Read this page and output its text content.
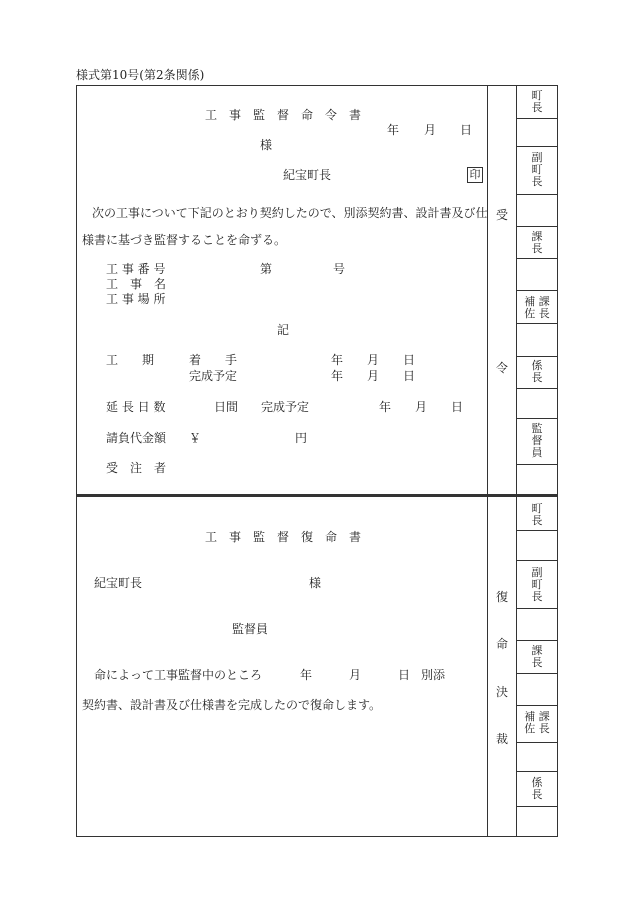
様式第10号(第2条関係)
町
長
副
町
長
課
長
補 課
佐 長
係
長
監
督
員
町
長
副
町
長
課
長
補 課
佐 長
係
長
受
令
復
命
決
裁
工　事　監　督　命　令　書
年 月 日
様
紀宝町長	印
次の工事について下記のとおり契約したので、別添契約書、設計書及び仕
様書に基づき監督することを命ずる。
工 事 番 号	第	号
工　事　名
工 事 場 所
記
工　　期	着　　手	年 月 日
完成予定	年 月 日
延 長 日 数	日間 完成予定	年 月 日
請負代金額 ￥	円
受　注　者
工　事　監　督　復　命　書
紀宝町長	様
監督員
命によって工事監督中のところ	年	月	日 別添
契約書、設計書及び仕様書を完成したので復命します。
